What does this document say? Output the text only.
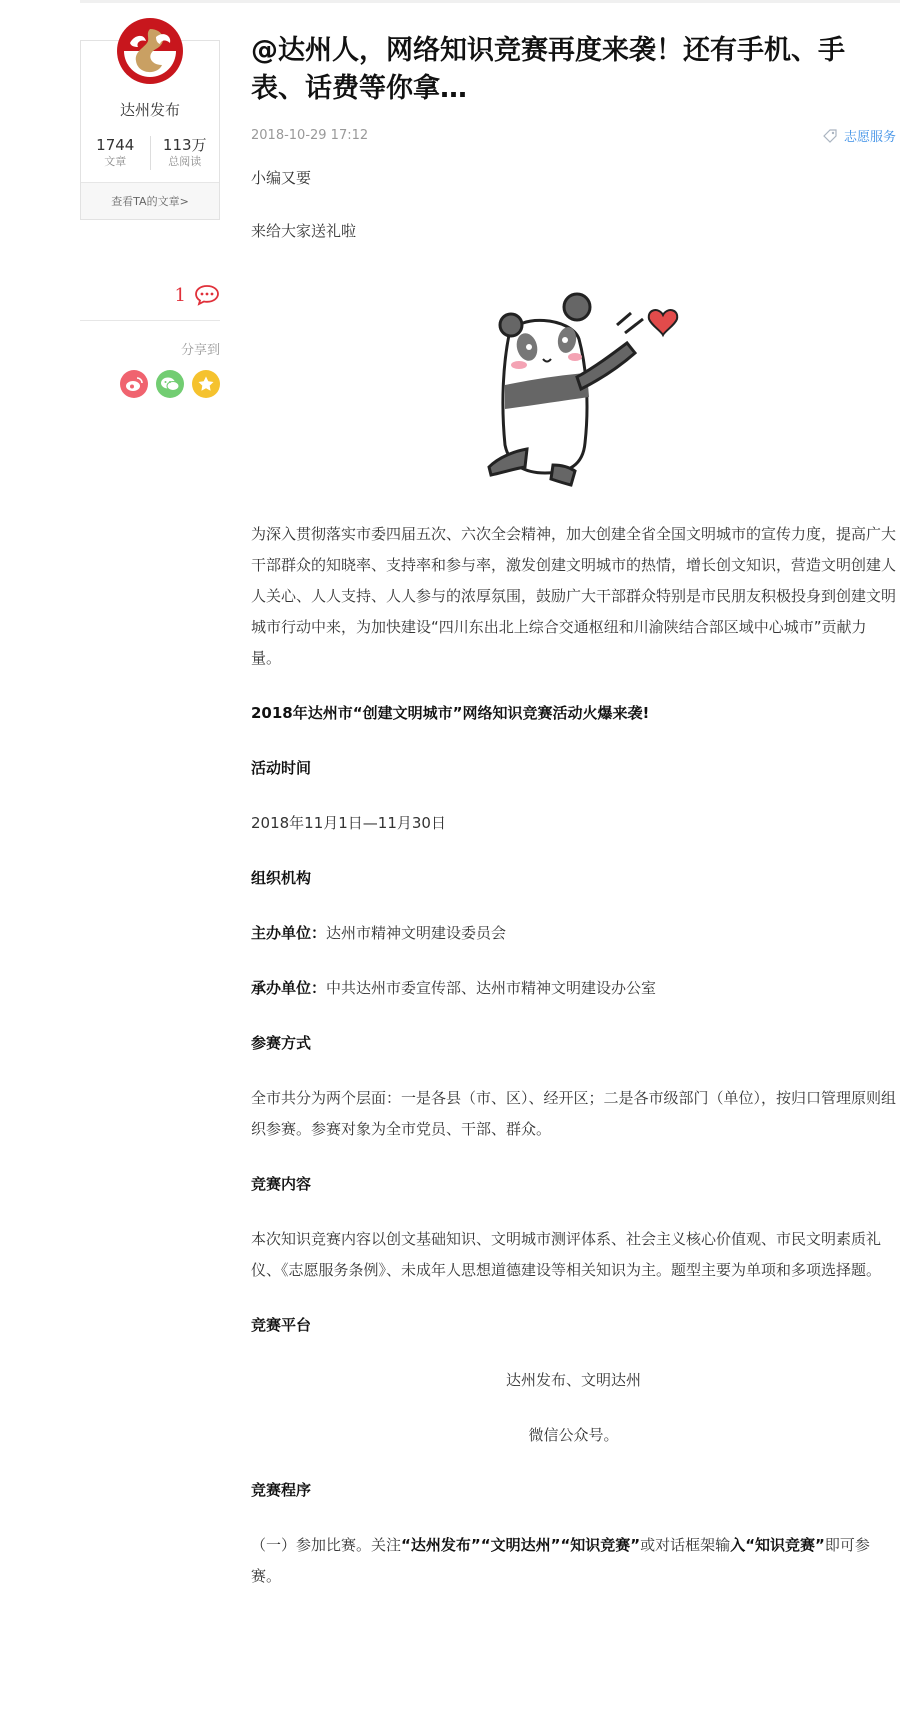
达州发布
1744
文章
113万
总阅读
查看TA的文章>
1
分享到
@达州人，网络知识竞赛再度来袭！还有手机、手表、话费等你拿…
2018-10-29 17:12	志愿服务

小编又要

来给大家送礼啦

为深入贯彻落实市委四届五次、六次全会精神，加大创建全省全国文明城市的宣传力度，提高广大干部群众的知晓率、支持率和参与率，激发创建文明城市的热情，增长创文知识，营造文明创建人人关心、人人支持、人人参与的浓厚氛围，鼓励广大干部群众特别是市民朋友积极投身到创建文明城市行动中来，为加快建设“四川东出北上综合交通枢纽和川渝陕结合部区域中心城市”贡献力量。

2018年达州市“创建文明城市”网络知识竞赛活动火爆来袭!

活动时间

2018年11月1日—11月30日

组织机构

主办单位：达州市精神文明建设委员会

承办单位：中共达州市委宣传部、达州市精神文明建设办公室

参赛方式

全市共分为两个层面：一是各县（市、区）、经开区；二是各市级部门（单位），按归口管理原则组织参赛。参赛对象为全市党员、干部、群众。

竞赛内容

本次知识竞赛内容以创文基础知识、文明城市测评体系、社会主义核心价值观、市民文明素质礼仪、《志愿服务条例》、未成年人思想道德建设等相关知识为主。题型主要为单项和多项选择题。

竞赛平台

达州发布、文明达州

微信公众号。

竞赛程序

（一）参加比赛。关注“达州发布”“文明达州”“知识竞赛”或对话框架输入“知识竞赛”即可参赛。
